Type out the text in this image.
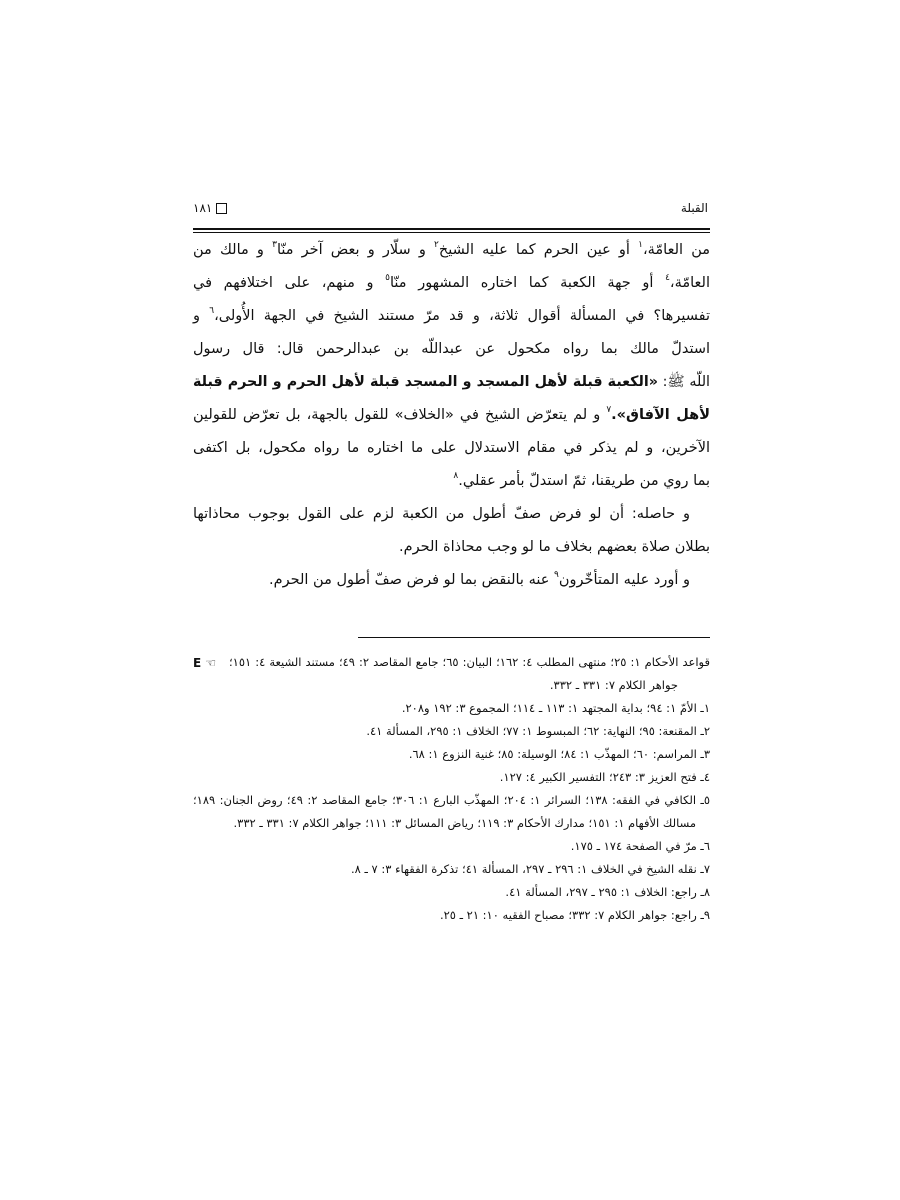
القبلة
١٨١
من العامّة،$^١$ أو عين الحرم كما عليه الشيخ$^٢$ و سلّار و بعض آخر منّا$^٣$ و مالك من
العامّة،$^٤$ أو جهة الكعبة كما اختاره المشهور منّا$^٥$ و منهم، على اختلافهم في
تفسيرها؟ في المسألة أقوال ثلاثة، و قد مرّ مستند الشيخ في الجهة الأُولى،$^٦$ و
استدلّ مالك بما رواه مكحول عن عبداللّه بن عبدالرحمن قال: قال رسول
اللّه ﷺ: «الكعبة قبلة لأهل المسجد و المسجد قبلة لأهل الحرم و الحرم قبلة
لأهل الآفاق».$^٧$ و لم يتعرّض الشيخ في «الخلاف» للقول بالجهة، بل تعرّض للقولين
الآخرين، و لم يذكر في مقام الاستدلال على ما اختاره ما رواه مكحول، بل اكتفى
بما روي من طريقنا، ثمّ استدلّ بأمر عقلي.$^٨$
و حاصله: أن لو فرض صفّ أطول من الكعبة لزم على القول بوجوب محاذاتها
بطلان صلاة بعضهم بخلاف ما لو وجب محاذاة الحرم.
و أورد عليه المتأخّرون$^٩$ عنه بالنقض بما لو فرض صفّ أطول من الحرم.
E ☜	قواعد الأحكام ١: ٢٥؛ منتهى المطلب ٤: ١٦٢؛ البيان: ٦٥؛ جامع المقاصد ٢: ٤٩؛ مستند الشيعة ٤: ١٥١؛ جواهر الكلام ٧: ٣٣١ ـ ٣٣٢.
١ـ الأمّ ١: ٩٤؛ بداية المجتهد ١: ١١٣ ـ ١١٤؛ المجموع ٣: ١٩٢ و٢٠٨.
٢ـ المقنعة: ٩٥؛ النهاية: ٦٢؛ المبسوط ١: ٧٧؛ الخلاف ١: ٢٩٥، المسألة ٤١.
٣ـ المراسم: ٦٠؛ المهذّب ١: ٨٤؛ الوسيلة: ٨٥؛ غنية النزوع ١: ٦٨.
٤ـ فتح العزيز ٣: ٢٤٣؛ التفسير الكبير ٤: ١٢٧.
٥ـ الكافي في الفقه: ١٣٨؛ السرائر ١: ٢٠٤؛ المهذّب البارع ١: ٣٠٦؛ جامع المقاصد ٢: ٤٩؛ روض الجنان: ١٨٩؛ مسالك الأفهام ١: ١٥١؛ مدارك الأحكام ٣: ١١٩؛ رياض المسائل ٣: ١١١؛ جواهر الكلام ٧: ٣٣١ ـ ٣٣٢.
٦ـ مرّ في الصفحة ١٧٤ ـ ١٧٥.
٧ـ نقله الشيخ في الخلاف ١: ٢٩٦ ـ ٢٩٧، المسألة ٤١؛ تذكرة الفقهاء ٣: ٧ ـ ٨.
٨ـ راجع: الخلاف ١: ٢٩٥ ـ ٢٩٧، المسألة ٤١.
٩ـ راجع: جواهر الكلام ٧: ٣٣٢؛ مصباح الفقيه ١٠: ٢١ ـ ٢٥.
